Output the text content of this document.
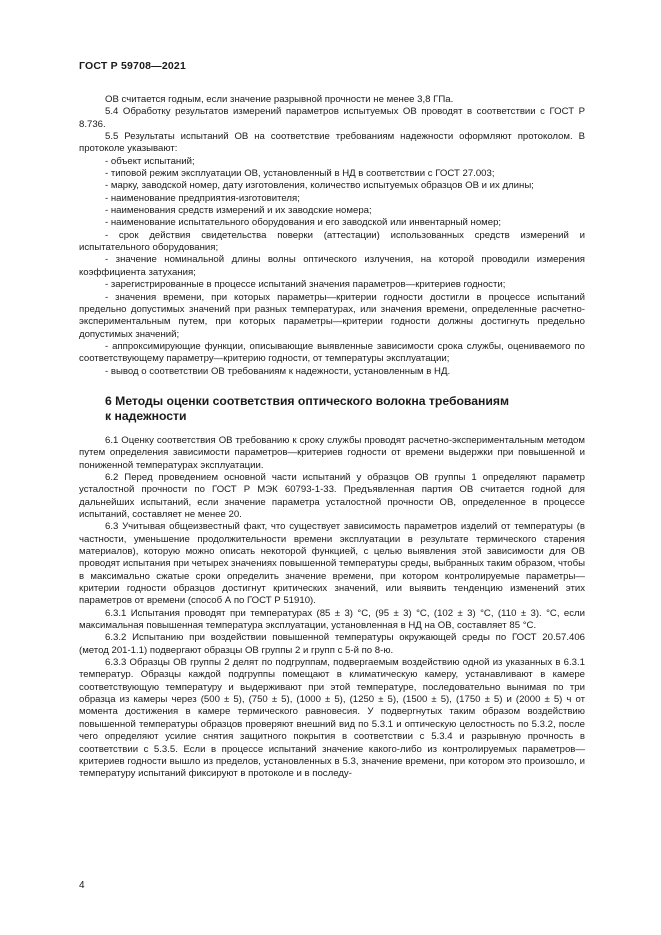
ГОСТ Р 59708—2021

ОВ считается годным, если значение разрывной прочности не менее 3,8 ГПа.

5.4 Обработку результатов измерений параметров испытуемых ОВ проводят в соответствии с ГОСТ Р 8.736.

5.5 Результаты испытаний ОВ на соответствие требованиям надежности оформляют протоколом. В протоколе указывают:

- объект испытаний;

- типовой режим эксплуатации ОВ, установленный в НД в соответствии с ГОСТ 27.003;

- марку, заводской номер, дату изготовления, количество испытуемых образцов ОВ и их длины;

- наименование предприятия-изготовителя;

- наименования средств измерений и их заводские номера;

- наименование испытательного оборудования и его заводской или инвентарный номер;

- срок действия свидетельства поверки (аттестации) использованных средств измерений и испытательного оборудования;

- значение номинальной длины волны оптического излучения, на которой проводили измерения коэффициента затухания;

- зарегистрированные в процессе испытаний значения параметров—критериев годности;

- значения времени, при которых параметры—критерии годности достигли в процессе испытаний предельно допустимых значений при разных температурах, или значения времени, определенные расчетно-экспериментальным путем, при которых параметры—критерии годности должны достигнуть предельно допустимых значений;

- аппроксимирующие функции, описывающие выявленные зависимости срока службы, оцениваемого по соответствующему параметру—критерию годности, от температуры эксплуатации;

- вывод о соответствии ОВ требованиям к надежности, установленным в НД.

6 Методы оценки соответствия оптического волокна требованиям
к надежности

6.1 Оценку соответствия ОВ требованию к сроку службы проводят расчетно-экспериментальным методом путем определения зависимости параметров—критериев годности от времени выдержки при повышенной и пониженной температурах эксплуатации.

6.2 Перед проведением основной части испытаний у образцов ОВ группы 1 определяют параметр усталостной прочности по ГОСТ Р МЭК 60793-1-33. Предъявленная партия ОВ считается годной для дальнейших испытаний, если значение параметра усталостной прочности ОВ, определенное в процессе испытаний, составляет не менее 20.

6.3 Учитывая общеизвестный факт, что существует зависимость параметров изделий от температуры (в частности, уменьшение продолжительности времени эксплуатации в результате термического старения материалов), которую можно описать некоторой функцией, с целью выявления этой зависимости для ОВ проводят испытания при четырех значениях повышенной температуры среды, выбранных таким образом, чтобы в максимально сжатые сроки определить значение времени, при котором контролируемые параметры—критерии годности образцов достигнут критических значений, или выявить тенденцию изменений этих параметров от времени (способ А по ГОСТ Р 51910).

6.3.1 Испытания проводят при температурах (85 ± 3) °С, (95 ± 3) °С, (102 ± 3) °С, (110 ± 3). °С, если максимальная повышенная температура эксплуатации, установленная в НД на ОВ, составляет 85 °С.

6.3.2 Испытанию при воздействии повышенной температуры окружающей среды по ГОСТ 20.57.406 (метод 201-1.1) подвергают образцы ОВ группы 2 и групп с 5-й по 8-ю.

6.3.3 Образцы ОВ группы 2 делят по подгруппам, подвергаемым воздействию одной из указанных в 6.3.1 температур. Образцы каждой подгруппы помещают в климатическую камеру, устанавливают в камере соответствующую температуру и выдерживают при этой температуре, последовательно вынимая по три образца из камеры через (500 ± 5), (750 ± 5), (1000 ± 5), (1250 ± 5), (1500 ± 5), (1750 ± 5) и (2000 ± 5) ч от момента достижения в камере термического равновесия. У подвергнутых таким образом воздействию повышенной температуры образцов проверяют внешний вид по 5.3.1 и оптическую целостность по 5.3.2, после чего определяют усилие снятия защитного покрытия в соответствии с 5.3.4 и разрывную прочность в соответствии с 5.3.5. Если в процессе испытаний значение какого-либо из контролируемых параметров—критериев годности вышло из пределов, установленных в 5.3, значение времени, при котором это произошло, и температуру испытаний фиксируют в протоколе и в последу-

4
